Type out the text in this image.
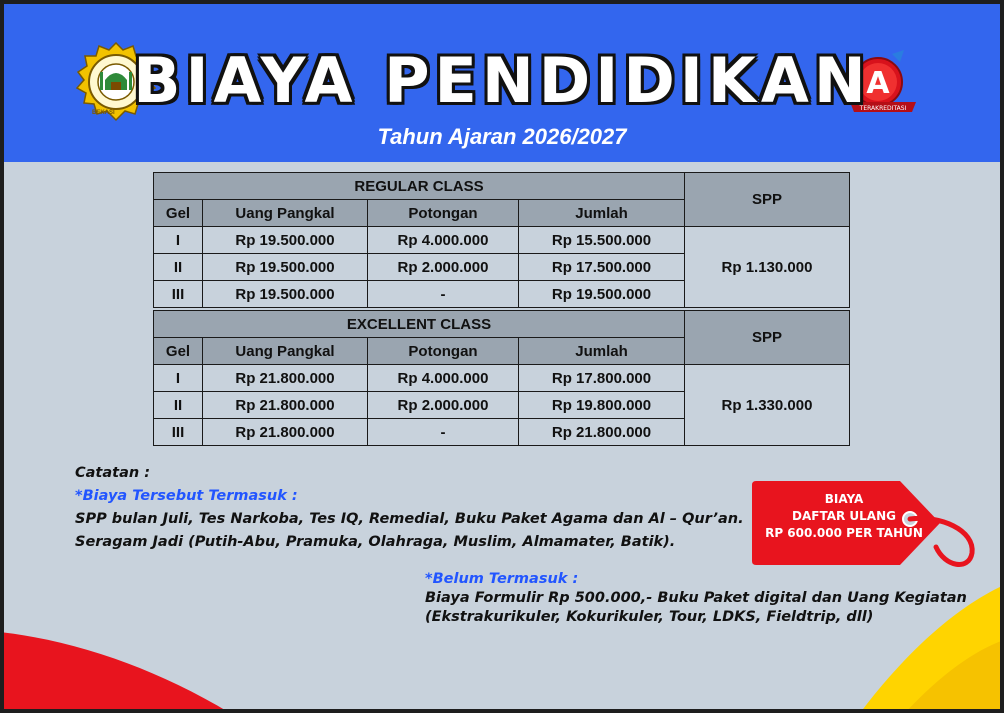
A
TERAKREDITASI
BIAYA PENDIDIKAN
Tahun Ajaran 2026/2027
REGULAR CLASS				SPP
Gel	Uang Pangkal	Potongan	Jumlah	
I	Rp 19.500.000	Rp 4.000.000	Rp 15.500.000	Rp 1.130.000
II	Rp 19.500.000	Rp 2.000.000	Rp 17.500.000	
III	Rp 19.500.000	-	Rp 19.500.000	
EXCELLENT CLASS				SPP
Gel	Uang Pangkal	Potongan	Jumlah	
I	Rp 21.800.000	Rp 4.000.000	Rp 17.800.000	Rp 1.330.000
II	Rp 21.800.000	Rp 2.000.000	Rp 19.800.000	
III	Rp 21.800.000	-	Rp 21.800.000	
Catatan :
*Biaya Tersebut Termasuk :
SPP bulan Juli, Tes Narkoba, Tes IQ, Remedial, Buku Paket Agama dan Al – Qur’an.
Seragam Jadi (Putih-Abu, Pramuka, Olahraga, Muslim, Almamater, Batik).
*Belum Termasuk :
Biaya Formulir Rp 500.000,- Buku Paket digital dan Uang Kegiatan
(Ekstrakurikuler, Kokurikuler, Tour, LDKS, Fieldtrip, dll)
BIAYA
DAFTAR ULANG
RP 600.000 PER TAHUN
BEKASI
